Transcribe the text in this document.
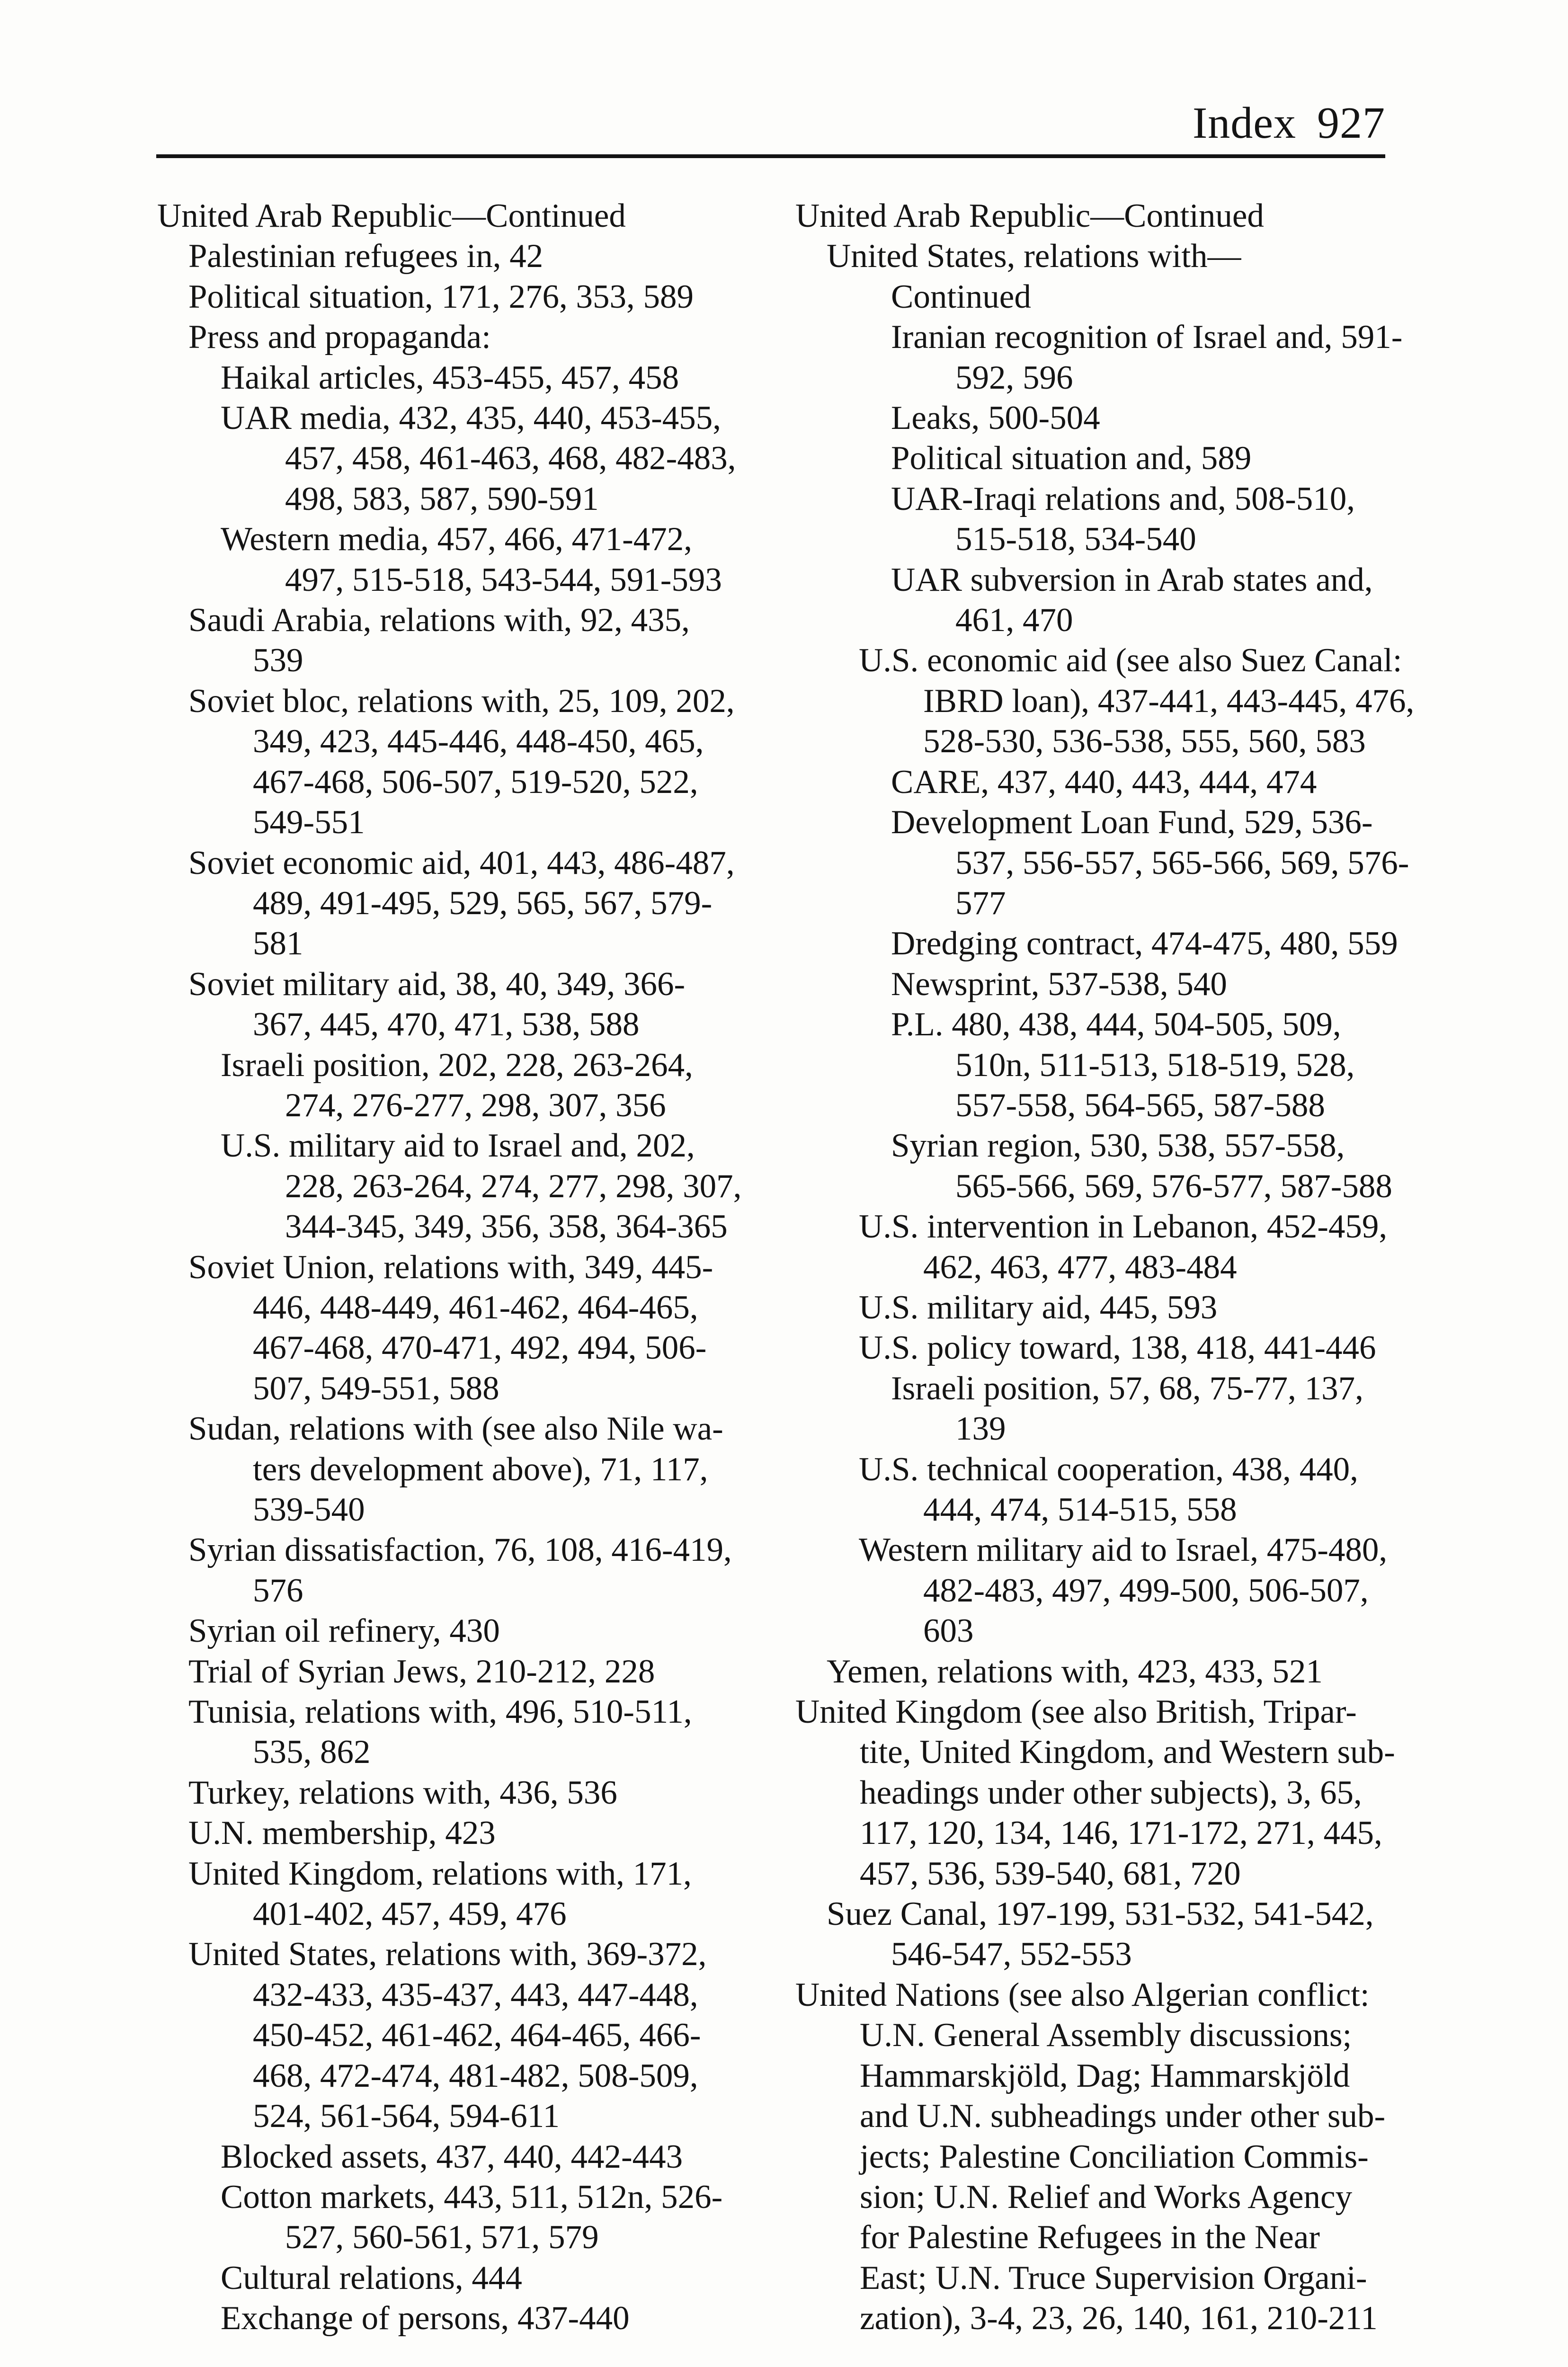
Index 927
United Arab Republic—Continued
Palestinian refugees in, 42
Political situation, 171, 276, 353, 589
Press and propaganda:
Haikal articles, 453-455, 457, 458
UAR media, 432, 435, 440, 453-455,
457, 458, 461-463, 468, 482-483,
498, 583, 587, 590-591
Western media, 457, 466, 471-472,
497, 515-518, 543-544, 591-593
Saudi Arabia, relations with, 92, 435,
539
Soviet bloc, relations with, 25, 109, 202,
349, 423, 445-446, 448-450, 465,
467-468, 506-507, 519-520, 522,
549-551
Soviet economic aid, 401, 443, 486-487,
489, 491-495, 529, 565, 567, 579-
581
Soviet military aid, 38, 40, 349, 366-
367, 445, 470, 471, 538, 588
Israeli position, 202, 228, 263-264,
274, 276-277, 298, 307, 356
U.S. military aid to Israel and, 202,
228, 263-264, 274, 277, 298, 307,
344-345, 349, 356, 358, 364-365
Soviet Union, relations with, 349, 445-
446, 448-449, 461-462, 464-465,
467-468, 470-471, 492, 494, 506-
507, 549-551, 588
Sudan, relations with (see also Nile wa-
ters development above), 71, 117,
539-540
Syrian dissatisfaction, 76, 108, 416-419,
576
Syrian oil refinery, 430
Trial of Syrian Jews, 210-212, 228
Tunisia, relations with, 496, 510-511,
535, 862
Turkey, relations with, 436, 536
U.N. membership, 423
United Kingdom, relations with, 171,
401-402, 457, 459, 476
United States, relations with, 369-372,
432-433, 435-437, 443, 447-448,
450-452, 461-462, 464-465, 466-
468, 472-474, 481-482, 508-509,
524, 561-564, 594-611
Blocked assets, 437, 440, 442-443
Cotton markets, 443, 511, 512n, 526-
527, 560-561, 571, 579
Cultural relations, 444
Exchange of persons, 437-440
United Arab Republic—Continued
United States, relations with—
Continued
Iranian recognition of Israel and, 591-
592, 596
Leaks, 500-504
Political situation and, 589
UAR-Iraqi relations and, 508-510,
515-518, 534-540
UAR subversion in Arab states and,
461, 470
U.S. economic aid (see also Suez Canal:
IBRD loan), 437-441, 443-445, 476,
528-530, 536-538, 555, 560, 583
CARE, 437, 440, 443, 444, 474
Development Loan Fund, 529, 536-
537, 556-557, 565-566, 569, 576-
577
Dredging contract, 474-475, 480, 559
Newsprint, 537-538, 540
P.L. 480, 438, 444, 504-505, 509,
510n, 511-513, 518-519, 528,
557-558, 564-565, 587-588
Syrian region, 530, 538, 557-558,
565-566, 569, 576-577, 587-588
U.S. intervention in Lebanon, 452-459,
462, 463, 477, 483-484
U.S. military aid, 445, 593
U.S. policy toward, 138, 418, 441-446
Israeli position, 57, 68, 75-77, 137,
139
U.S. technical cooperation, 438, 440,
444, 474, 514-515, 558
Western military aid to Israel, 475-480,
482-483, 497, 499-500, 506-507,
603
Yemen, relations with, 423, 433, 521
United Kingdom (see also British, Tripar-
tite, United Kingdom, and Western sub-
headings under other subjects), 3, 65,
117, 120, 134, 146, 171-172, 271, 445,
457, 536, 539-540, 681, 720
Suez Canal, 197-199, 531-532, 541-542,
546-547, 552-553
United Nations (see also Algerian conflict:
U.N. General Assembly discussions;
Hammarskjöld, Dag; Hammarskjöld
and U.N. subheadings under other sub-
jects; Palestine Conciliation Commis-
sion; U.N. Relief and Works Agency
for Palestine Refugees in the Near
East; U.N. Truce Supervision Organi-
zation), 3-4, 23, 26, 140, 161, 210-211
